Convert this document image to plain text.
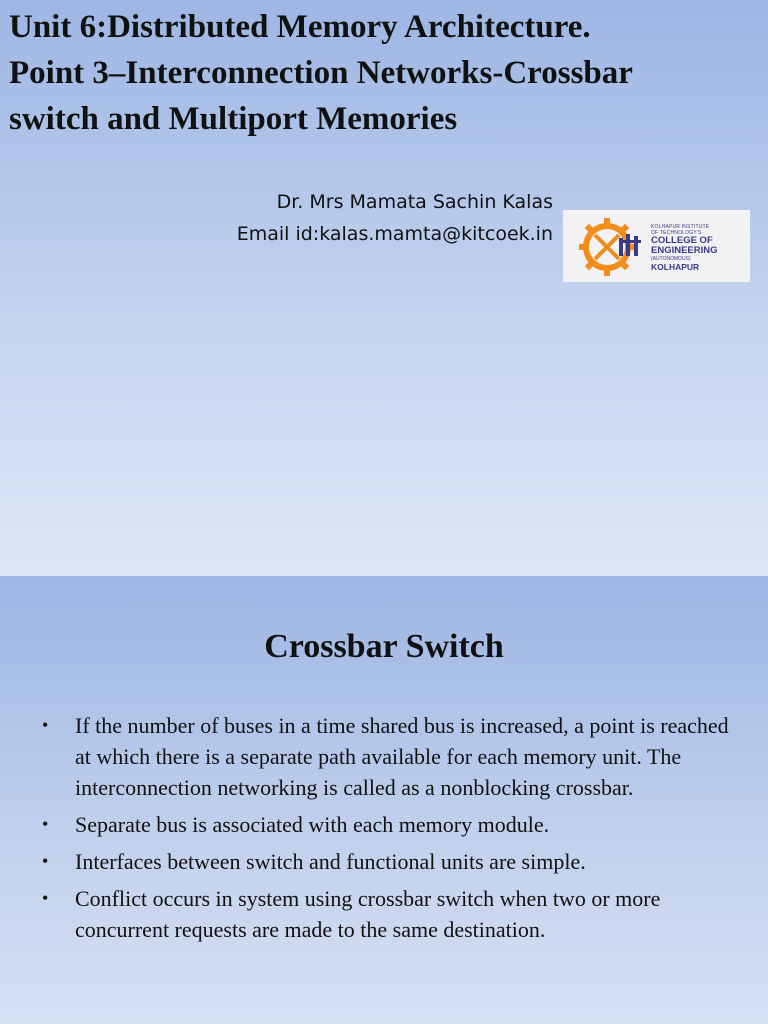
Unit 6:Distributed Memory Architecture.
Point 3–Interconnection Networks-Crossbar
switch and Multiport Memories
Dr. Mrs Mamata Sachin Kalas
Email id:kalas.mamta@kitcoek.in	KOLHAPUR INSTITUTE
OF TECHNOLOGY'S
COLLEGE OF
ENGINEERING
(AUTONOMOUS)
KOLHAPUR
Crossbar Switch
• If the number of buses in a time shared bus is increased, a point is reached at which there is a separate path available for each memory unit. The interconnection networking is called as a nonblocking crossbar.
• Separate bus is associated with each memory module.
• Interfaces between switch and functional units are simple.
• Conflict occurs in system using crossbar switch when two or more concurrent requests are made to the same destination.
